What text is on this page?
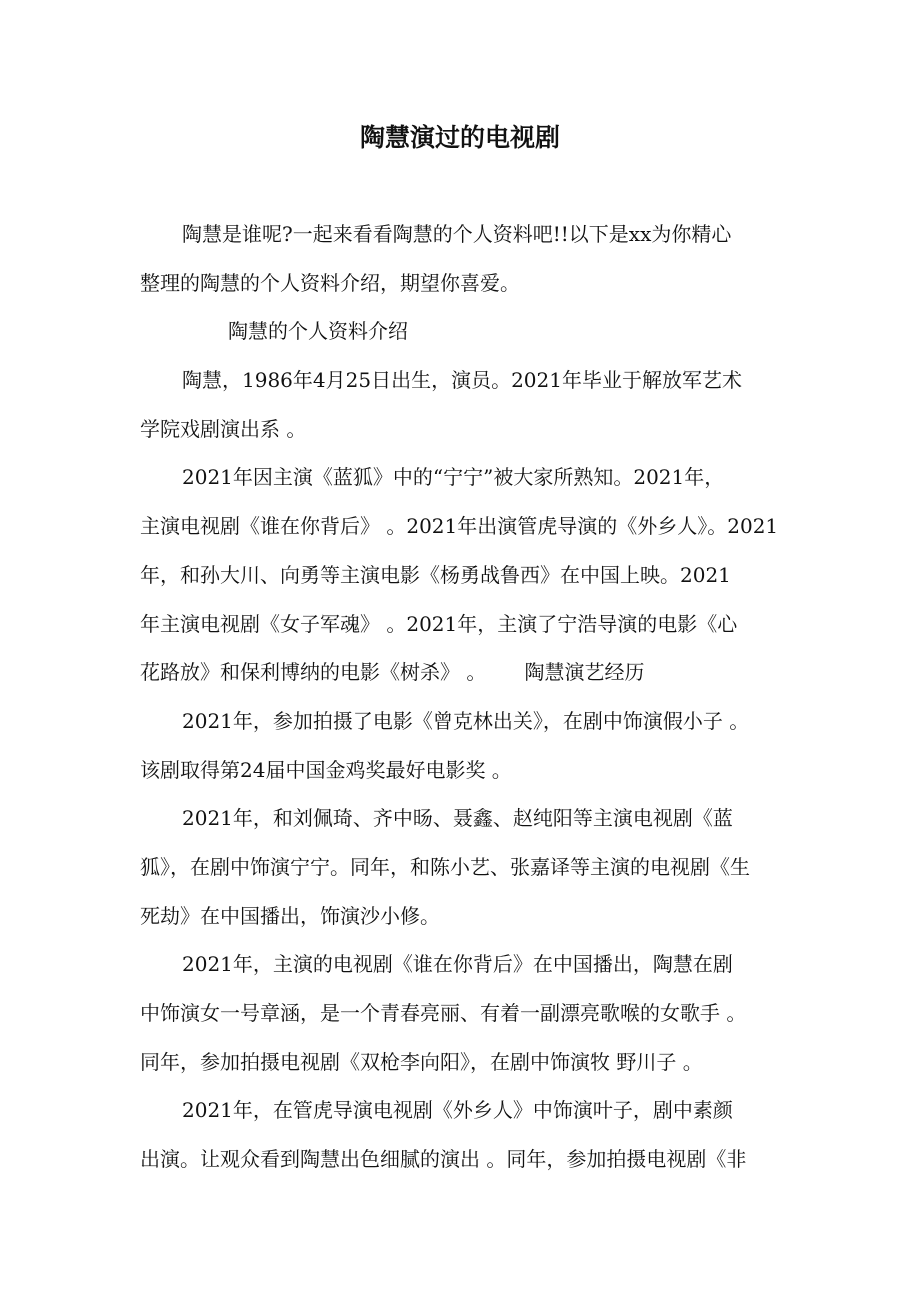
陶慧演过的电视剧
陶慧是谁呢?一起来看看陶慧的个人资料吧!!以下是xx为你精心
整理的陶慧的个人资料介绍，期望你喜爱。
陶慧的个人资料介绍
陶慧，1986年4月25日出生，演员。2021年毕业于解放军艺术
学院戏剧演出系 。
2021年因主演《蓝狐》中的“宁宁”被大家所熟知。2021年，
主演电视剧《谁在你背后》 。2021年出演管虎导演的《外乡人》。2021
年，和孙大川、向勇等主演电影《杨勇战鲁西》在中国上映。2021
年主演电视剧《女子军魂》 。2021年，主演了宁浩导演的电影《心
花路放》和保利博纳的电影《树杀》 。      陶慧演艺经历
2021年，参加拍摄了电影《曾克林出关》，在剧中饰演假小子 。
该剧取得第24届中国金鸡奖最好电影奖 。
2021年，和刘佩琦、齐中旸、聂鑫、赵纯阳等主演电视剧《蓝
狐》，在剧中饰演宁宁。同年，和陈小艺、张嘉译等主演的电视剧《生
死劫》在中国播出，饰演沙小修。
2021年，主演的电视剧《谁在你背后》在中国播出，陶慧在剧
中饰演女一号章涵，是一个青春亮丽、有着一副漂亮歌喉的女歌手 。
同年，参加拍摄电视剧《双枪李向阳》，在剧中饰演牧 野川子 。
2021年，在管虎导演电视剧《外乡人》中饰演叶子，剧中素颜
出演。让观众看到陶慧出色细腻的演出 。同年，参加拍摄电视剧《非
